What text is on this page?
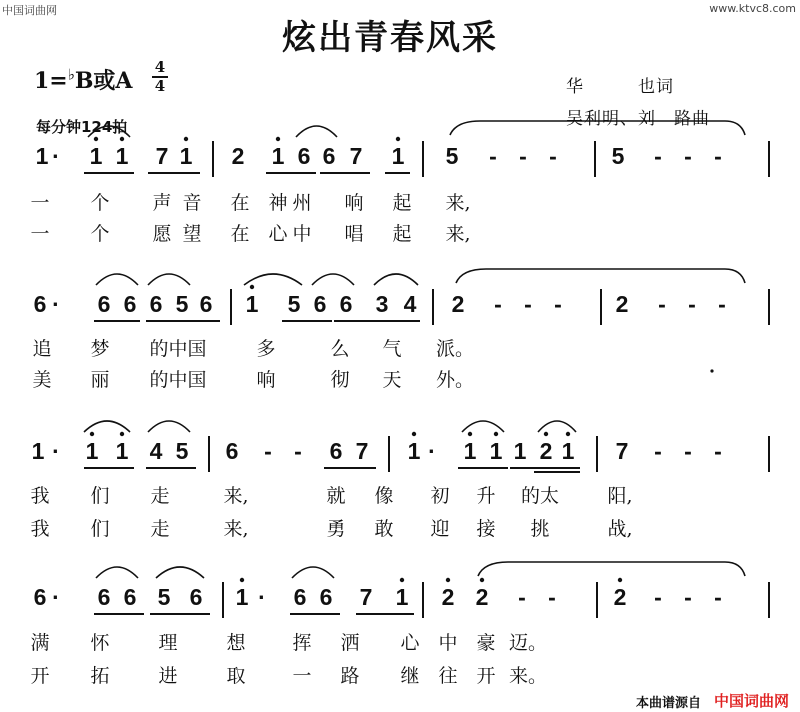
中国词曲网	www.ktvc8.com
炫出青春风采
1=♭B或A
4
4
每分钟124拍
华　　　也词
吴利明、刘　路曲
1 · 1 1 7 1 2 1 6 6 7 1 5 - - - 5 - - -
一 个 声 音 在 神 州 响 起 来,
一 个 愿 望 在 心 中 唱 起 来,
6 · 6 6 6 5 6 1 5 6 6 3 4 2 - - - 2 - - -
追 梦 的中国	多	么 气 派。
美 丽 的中国	响	彻 天 外。
1 · 1 1 4 5 6 - - 6 7 1 · 1 1 1 2 1 7 - - -
我 们 走	来,	就 像 初 升 的太	阳,
我 们 走	来,	勇 敢 迎 接 挑	战,
6 · 6 6 5 6 1 · 6 6 7 1 2 2 - -	2 - - -
满 怀	理	想 挥 洒 心 中 豪 迈。
开 拓	进	取 一 路 继 往 开 来。
本曲谱源自 中国词曲网
